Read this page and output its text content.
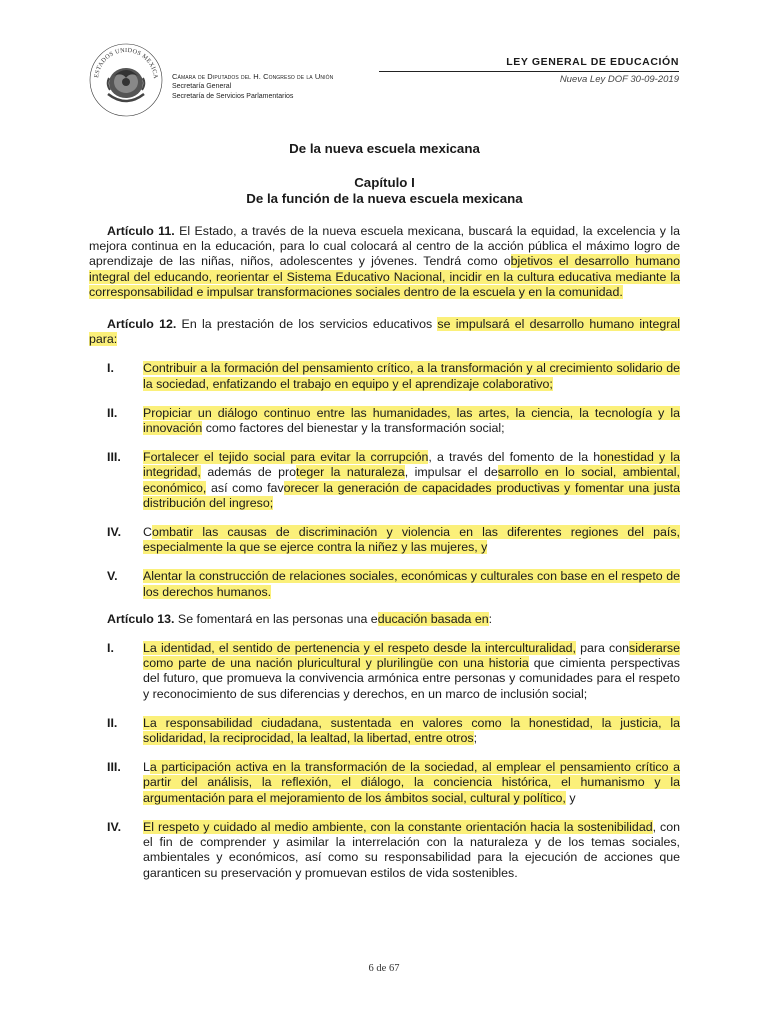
ESTADOS UNIDOS MEXICA Cámara de Diputados del H. Congreso de la Unión
Secretaría General
Secretaría de Servicios Parlamentarios
LEY GENERAL DE EDUCACIÓN
Nueva Ley DOF 30-09-2019
De la nueva escuela mexicana
Capítulo I
De la función de la nueva escuela mexicana

Artículo 11. El Estado, a través de la nueva escuela mexicana, buscará la equidad, la excelencia y la mejora continua en la educación, para lo cual colocará al centro de la acción pública el máximo logro de aprendizaje de las niñas, niños, adolescentes y jóvenes. Tendrá como objetivos el desarrollo humano integral del educando, reorientar el Sistema Educativo Nacional, incidir en la cultura educativa mediante la corresponsabilidad e impulsar transformaciones sociales dentro de la escuela y en la comunidad.

Artículo 12. En la prestación de los servicios educativos se impulsará el desarrollo humano integral para:

I.	Contribuir a la formación del pensamiento crítico, a la transformación y al crecimiento solidario de la sociedad, enfatizando el trabajo en equipo y el aprendizaje colaborativo;
II.	Propiciar un diálogo continuo entre las humanidades, las artes, la ciencia, la tecnología y la innovación como factores del bienestar y la transformación social;
III.	Fortalecer el tejido social para evitar la corrupción, a través del fomento de la honestidad y la integridad, además de proteger la naturaleza, impulsar el desarrollo en lo social, ambiental, económico, así como favorecer la generación de capacidades productivas y fomentar una justa distribución del ingreso;
IV.	Combatir las causas de discriminación y violencia en las diferentes regiones del país, especialmente la que se ejerce contra la niñez y las mujeres, y
V.	Alentar la construcción de relaciones sociales, económicas y culturales con base en el respeto de los derechos humanos.

Artículo 13. Se fomentará en las personas una educación basada en:

I.	La identidad, el sentido de pertenencia y el respeto desde la interculturalidad, para considerarse como parte de una nación pluricultural y plurilingüe con una historia que cimienta perspectivas del futuro, que promueva la convivencia armónica entre personas y comunidades para el respeto y reconocimiento de sus diferencias y derechos, en un marco de inclusión social;
II.	La responsabilidad ciudadana, sustentada en valores como la honestidad, la justicia, la solidaridad, la reciprocidad, la lealtad, la libertad, entre otros;
III.	La participación activa en la transformación de la sociedad, al emplear el pensamiento crítico a partir del análisis, la reflexión, el diálogo, la conciencia histórica, el humanismo y la argumentación para el mejoramiento de los ámbitos social, cultural y político, y
IV.	El respeto y cuidado al medio ambiente, con la constante orientación hacia la sostenibilidad, con el fin de comprender y asimilar la interrelación con la naturaleza y de los temas sociales, ambientales y económicos, así como su responsabilidad para la ejecución de acciones que garanticen su preservación y promuevan estilos de vida sostenibles.
6 de 67
